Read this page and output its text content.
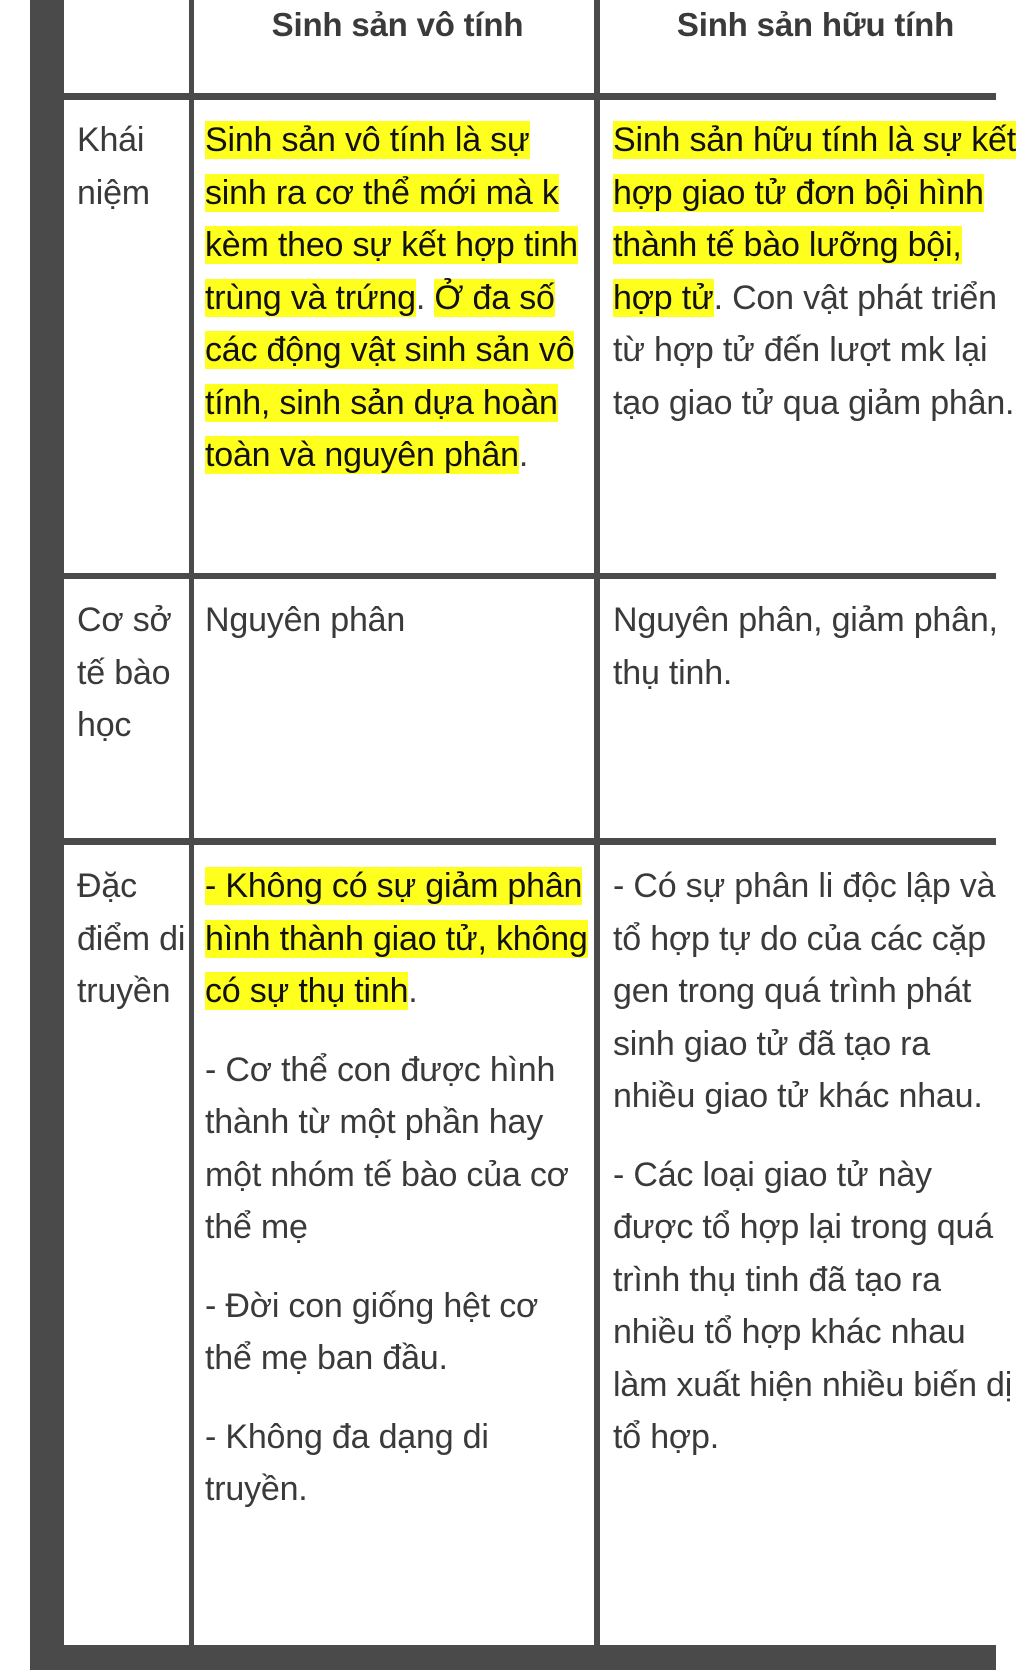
Sinh sản vô tính	Sinh sản hữu tính
Khái niệm
Sinh sản vô tính là sự sinh ra cơ thể mới mà k kèm theo sự kết hợp tinh trùng và trứng. Ở đa số các động vật sinh sản vô tính, sinh sản dựa hoàn toàn và nguyên phân.
Sinh sản hữu tính là sự kết hợp giao tử đơn bội hình thành tế bào lưỡng bội, hợp tử. Con vật phát triển từ hợp tử đến lượt mk lại tạo giao tử qua giảm phân.
Cơ sở tế bào học
Nguyên phân	Nguyên phân, giảm phân, thụ tinh.
Đặc điểm di truyền

- Không có sự giảm phân hình thành giao tử, không có sự thụ tinh.

- Cơ thể con được hình thành từ một phần hay một nhóm tế bào của cơ thể mẹ

- Đời con giống hệt cơ thể mẹ ban đầu.

- Không đa dạng di truyền.

- Có sự phân li độc lập và tổ hợp tự do của các cặp gen trong quá trình phát sinh giao tử đã tạo ra nhiều giao tử khác nhau.

- Các loại giao tử này được tổ hợp lại trong quá trình thụ tinh đã tạo ra nhiều tổ hợp khác nhau làm xuất hiện nhiều biến dị tổ hợp.
